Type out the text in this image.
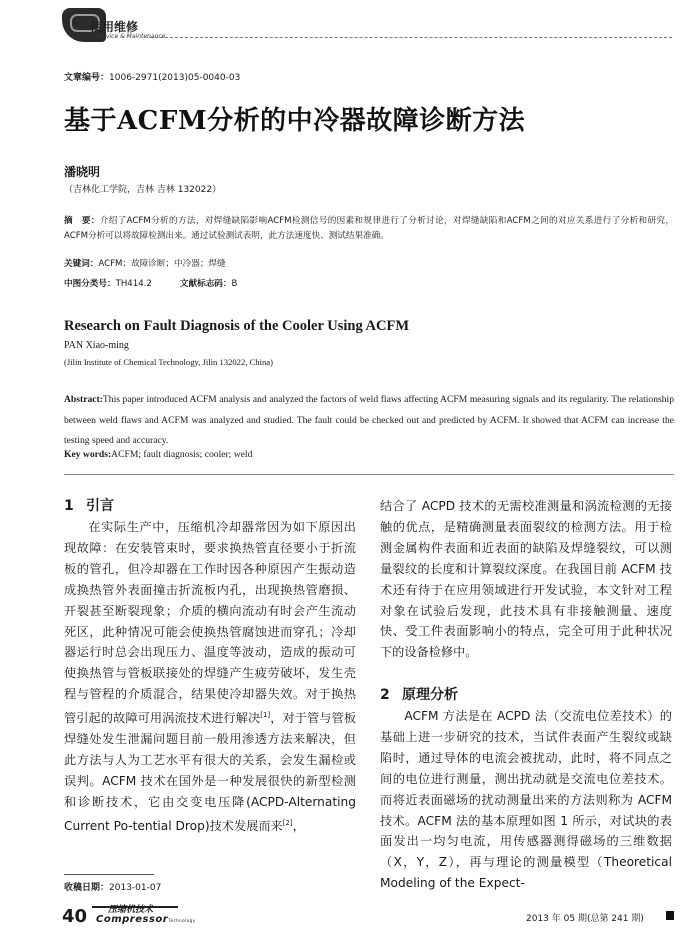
使用维修
Service & Maintenance
文章编号：1006-2971(2013)05-0040-03
基于ACFM分析的中冷器故障诊断方法
潘晓明
（吉林化工学院，吉林 吉林 132022）
摘　要：介绍了ACFM分析的方法，对焊缝缺陷影响ACFM检测信号的因素和规律进行了分析讨论，对焊缝缺陷和ACFM之间的对应关系进行了分析和研究，ACFM分析可以将故障检测出来。通过试验测试表明，此方法速度快、测试结果准确。
关键词：ACFM；故障诊断；中冷器；焊缝
中图分类号：TH414.2	文献标志码：B
Research on Fault Diagnosis of the Cooler Using ACFM
PAN Xiao-ming
(Jilin Institute of Chemical Technology, Jilin 132022, China)
Abstract:This paper introduced ACFM analysis and analyzed the factors of weld flaws affecting ACFM measuring signals and its regularity. The relationship between weld flaws and ACFM was analyzed and studied. The fault could be checked out and predicted by ACFM. It showed that ACFM can increase the testing speed and accuracy.
Key words:ACFM; fault diagnosis; cooler; weld
1 引言

在实际生产中，压缩机冷却器常因为如下原因出现故障：在安装管束时，要求换热管直径要小于折流板的管孔，但冷却器在工作时因各种原因产生振动造成换热管外表面撞击折流板内孔，出现换热管磨损、开裂甚至断裂现象；介质的横向流动有时会产生流动死区，此种情况可能会使换热管腐蚀进而穿孔；冷却器运行时总会出现压力、温度等波动，造成的振动可使换热管与管板联接处的焊缝产生疲劳破坏，发生壳程与管程的介质混合，结果使冷却器失效。对于换热管引起的故障可用涡流技术进行解决[1]，对于管与管板焊缝处发生泄漏问题目前一般用渗透方法来解决，但此方法与人为工艺水平有很大的关系，会发生漏检或误判。ACFM 技术在国外是一种发展很快的新型检测和诊断技术，它由交变电压降(ACPD-Alternating Current Po-tential Drop)技术发展而来[2]，

结合了 ACPD 技术的无需校准测量和涡流检测的无接触的优点，是精确测量表面裂纹的检测方法。用于检测金属构件表面和近表面的缺陷及焊缝裂纹，可以测量裂纹的长度和计算裂纹深度。在我国目前 ACFM 技术还有待于在应用领域进行开发试验，本文针对工程对象在试验后发现，此技术具有非接触测量、速度快、受工件表面影响小的特点，完全可用于此种状况下的设备检修中。

2 原理分析

ACFM 方法是在 ACPD 法（交流电位差技术）的基础上进一步研究的技术，当试件表面产生裂纹或缺陷时，通过导体的电流会被扰动，此时，将不同点之间的电位进行测量，测出扰动就是交流电位差技术。而将近表面磁场的扰动测量出来的方法则称为 ACFM 技术。ACFM 法的基本原理如图 1 所示，对试块的表面发出一均匀电流，用传感器测得磁场的三维数据（X，Y，Z），再与理论的测量模型（Theoretical Modeling of the Expect-

收稿日期：2013-01-07
40 压缩机技术
CompressorTechnology	2013 年 05 期(总第 241 期)
